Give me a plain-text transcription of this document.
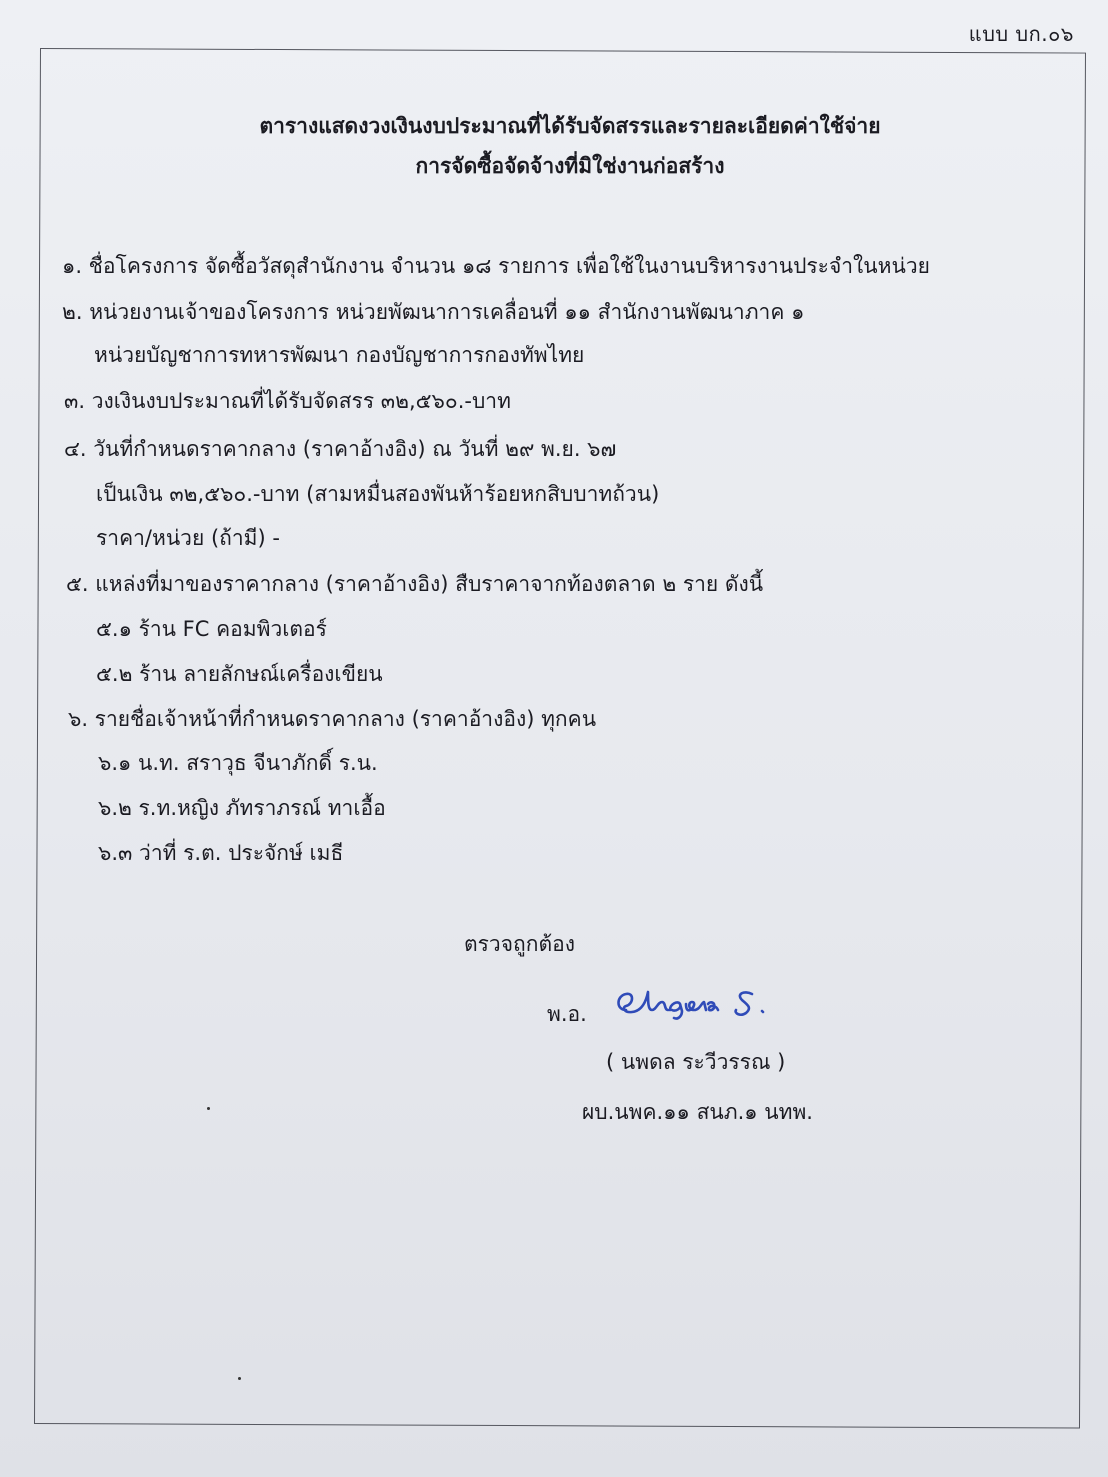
แบบ บก.๐๖
ตารางแสดงวงเงินงบประมาณที่ได้รับจัดสรรและรายละเอียดค่าใช้จ่าย
การจัดซื้อจัดจ้างที่มิใช่งานก่อสร้าง
๑. ชื่อโครงการ จัดซื้อวัสดุสำนักงาน จำนวน ๑๘ รายการ เพื่อใช้ในงานบริหารงานประจำในหน่วย
๒. หน่วยงานเจ้าของโครงการ หน่วยพัฒนาการเคลื่อนที่ ๑๑ สำนักงานพัฒนาภาค ๑
หน่วยบัญชาการทหารพัฒนา กองบัญชาการกองทัพไทย
๓. วงเงินงบประมาณที่ได้รับจัดสรร ๓๒,๕๖๐.-บาท
๔. วันที่กำหนดราคากลาง (ราคาอ้างอิง) ณ วันที่ ๒๙ พ.ย. ๖๗
เป็นเงิน ๓๒,๕๖๐.-บาท (สามหมื่นสองพันห้าร้อยหกสิบบาทถ้วน)
ราคา/หน่วย (ถ้ามี) -
๕. แหล่งที่มาของราคากลาง (ราคาอ้างอิง) สืบราคาจากท้องตลาด ๒ ราย ดังนี้
๕.๑ ร้าน FC คอมพิวเตอร์
๕.๒ ร้าน ลายลักษณ์เครื่องเขียน
๖. รายชื่อเจ้าหน้าที่กำหนดราคากลาง (ราคาอ้างอิง) ทุกคน
๖.๑ น.ท. สราวุธ จีนาภักดิ์ ร.น.
๖.๒ ร.ท.หญิง ภัทราภรณ์ ทาเอื้อ
๖.๓ ว่าที่ ร.ต. ประจักษ์ เมธี
ตรวจถูกต้อง
พ.อ.
( นพดล ระวีวรรณ )
ผบ.นพค.๑๑ สนภ.๑ นทพ.
